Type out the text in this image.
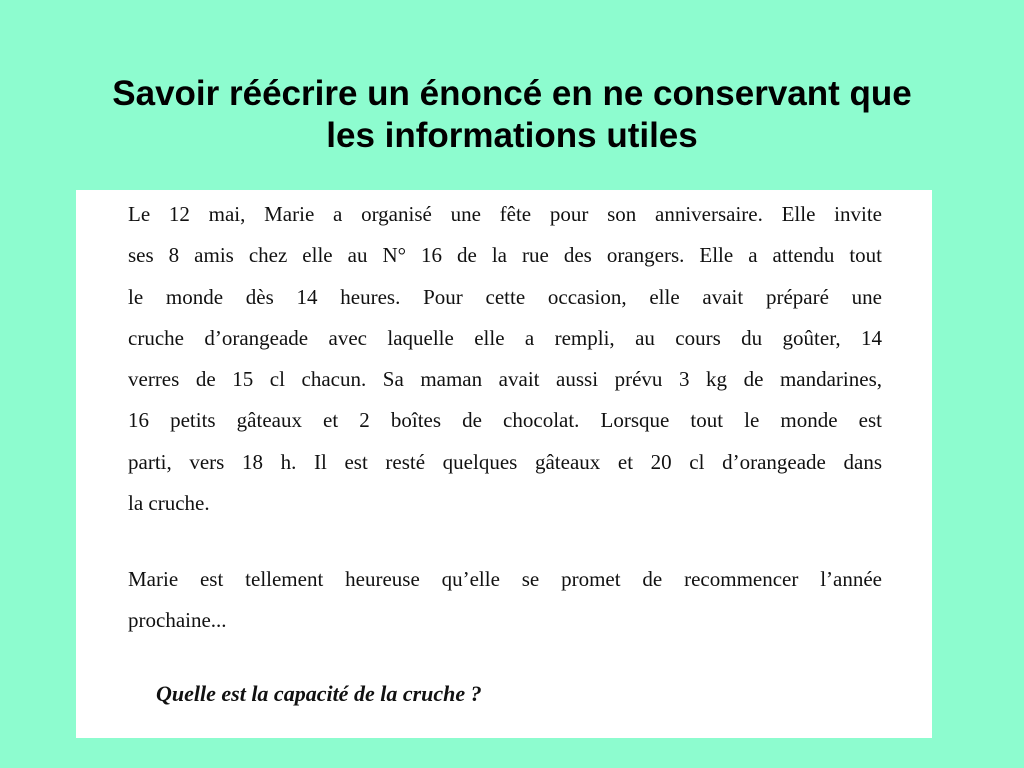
Savoir réécrire un énoncé en ne conservant que
les informations utiles
Le 12 mai, Marie a organisé une fête pour son anniversaire. Elle invite
ses 8 amis chez elle au N° 16 de la rue des orangers. Elle a attendu tout
le monde dès 14 heures. Pour cette occasion, elle avait préparé une
cruche d’orangeade avec laquelle elle a rempli, au cours du goûter, 14
verres de 15 cl chacun. Sa maman avait aussi prévu 3 kg de mandarines,
16 petits gâteaux et 2 boîtes de chocolat. Lorsque tout le monde est
parti, vers 18 h. Il est resté quelques gâteaux et 20 cl d’orangeade dans
la cruche.
Marie est tellement heureuse qu’elle se promet de recommencer l’année
prochaine...
Quelle est la capacité de la cruche ?
